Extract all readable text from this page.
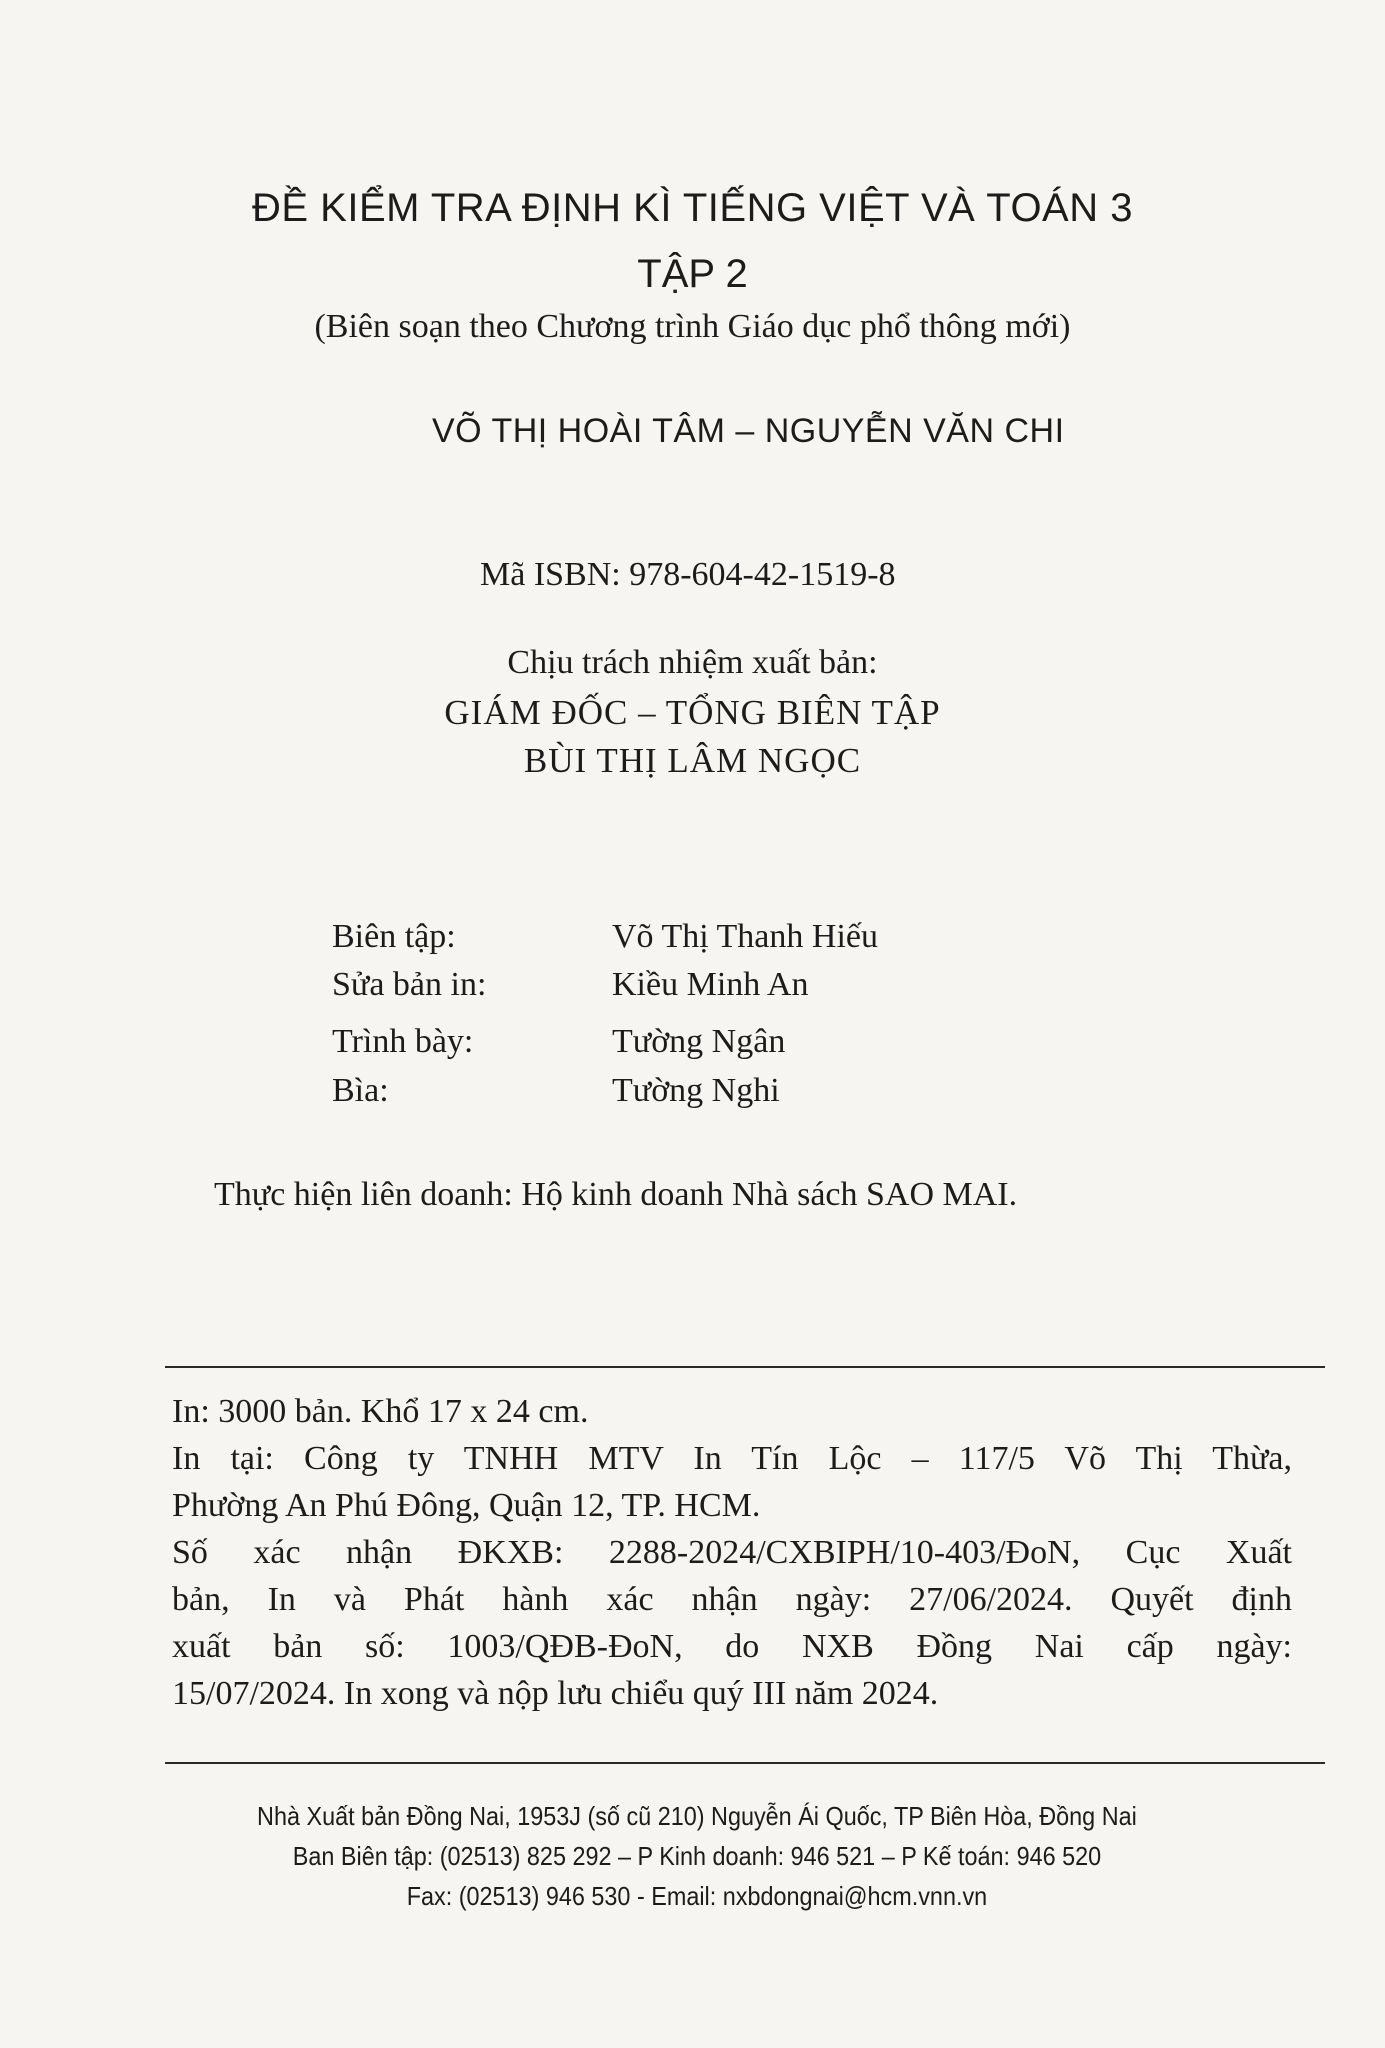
ĐỀ KIỂM TRA ĐỊNH KÌ TIẾNG VIỆT VÀ TOÁN 3
TẬP 2
(Biên soạn theo Chương trình Giáo dục phổ thông mới)
VÕ THỊ HOÀI TÂM – NGUYỄN VĂN CHI
Mã ISBN: 978-604-42-1519-8
Chịu trách nhiệm xuất bản:
GIÁM ĐỐC – TỔNG BIÊN TẬP
BÙI THỊ LÂM NGỌC
Biên tập:	Võ Thị Thanh Hiếu
Sửa bản in:	Kiều Minh An
Trình bày:	Tường Ngân
Bìa:	Tường Nghi
Thực hiện liên doanh: Hộ kinh doanh Nhà sách SAO MAI.
In: 3000 bản. Khổ 17 x 24 cm.
In tại: Công ty TNHH MTV In Tín Lộc – 117/5 Võ Thị Thừa,
Phường An Phú Đông, Quận 12, TP. HCM.
Số xác nhận ĐKXB: 2288-2024/CXBIPH/10-403/ĐoN, Cục Xuất
bản, In và Phát hành xác nhận ngày: 27/06/2024. Quyết định
xuất bản số: 1003/QĐB-ĐoN, do NXB Đồng Nai cấp ngày:
15/07/2024. In xong và nộp lưu chiểu quý III năm 2024.
Nhà Xuất bản Đồng Nai, 1953J (số cũ 210) Nguyễn Ái Quốc, TP Biên Hòa, Đồng Nai
Ban Biên tập: (02513) 825 292 – P Kinh doanh: 946 521 – P Kế toán: 946 520
Fax: (02513) 946 530 - Email: nxbdongnai@hcm.vnn.vn
